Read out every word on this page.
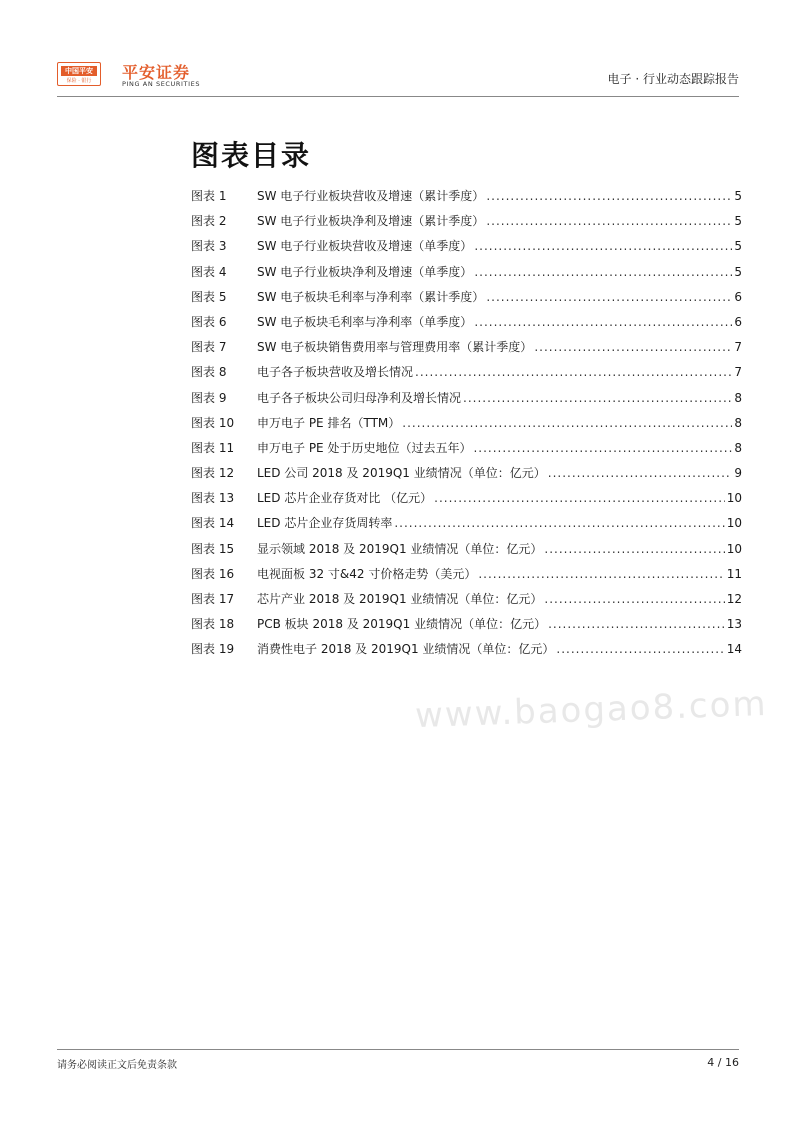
中国平安
保险 · 银行	平安证券
PING AN SECURITIES	电子 · 行业动态跟踪报告
图表目录
图表 1	SW 电子行业板块营收及增速（累计季度） .....	5
图表 2	SW 电子行业板块净利及增速（累计季度） .....	5
图表 3	SW 电子行业板块营收及增速（单季度） .....	5
图表 4	SW 电子行业板块净利及增速（单季度） .....	5
图表 5	SW 电子板块毛利率与净利率（累计季度） .....	6
图表 6	SW 电子板块毛利率与净利率（单季度） .....	6
图表 7	SW 电子板块销售费用率与管理费用率（累计季度） .....	7
图表 8	电子各子板块营收及增长情况 .....	7
图表 9	电子各子板块公司归母净利及增长情况 .....	8
图表 10	申万电子 PE 排名（TTM） .....	8
图表 11	申万电子 PE 处于历史地位（过去五年） .....	8
图表 12	LED 公司 2018 及 2019Q1 业绩情况（单位：亿元） .....	9
图表 13	LED 芯片企业存货对比 （亿元） .....	10
图表 14	LED 芯片企业存货周转率 .....	10
图表 15	显示领域 2018 及 2019Q1 业绩情况（单位：亿元） .....	10
图表 16	电视面板 32 寸&42 寸价格走势（美元） .....	11
图表 17	芯片产业 2018 及 2019Q1 业绩情况（单位：亿元） .....	12
图表 18	PCB 板块 2018 及 2019Q1 业绩情况（单位：亿元） .....	13
图表 19	消费性电子 2018 及 2019Q1 业绩情况（单位：亿元） .....	14
www.baogao8.com
请务必阅读正文后免责条款	4 / 16
